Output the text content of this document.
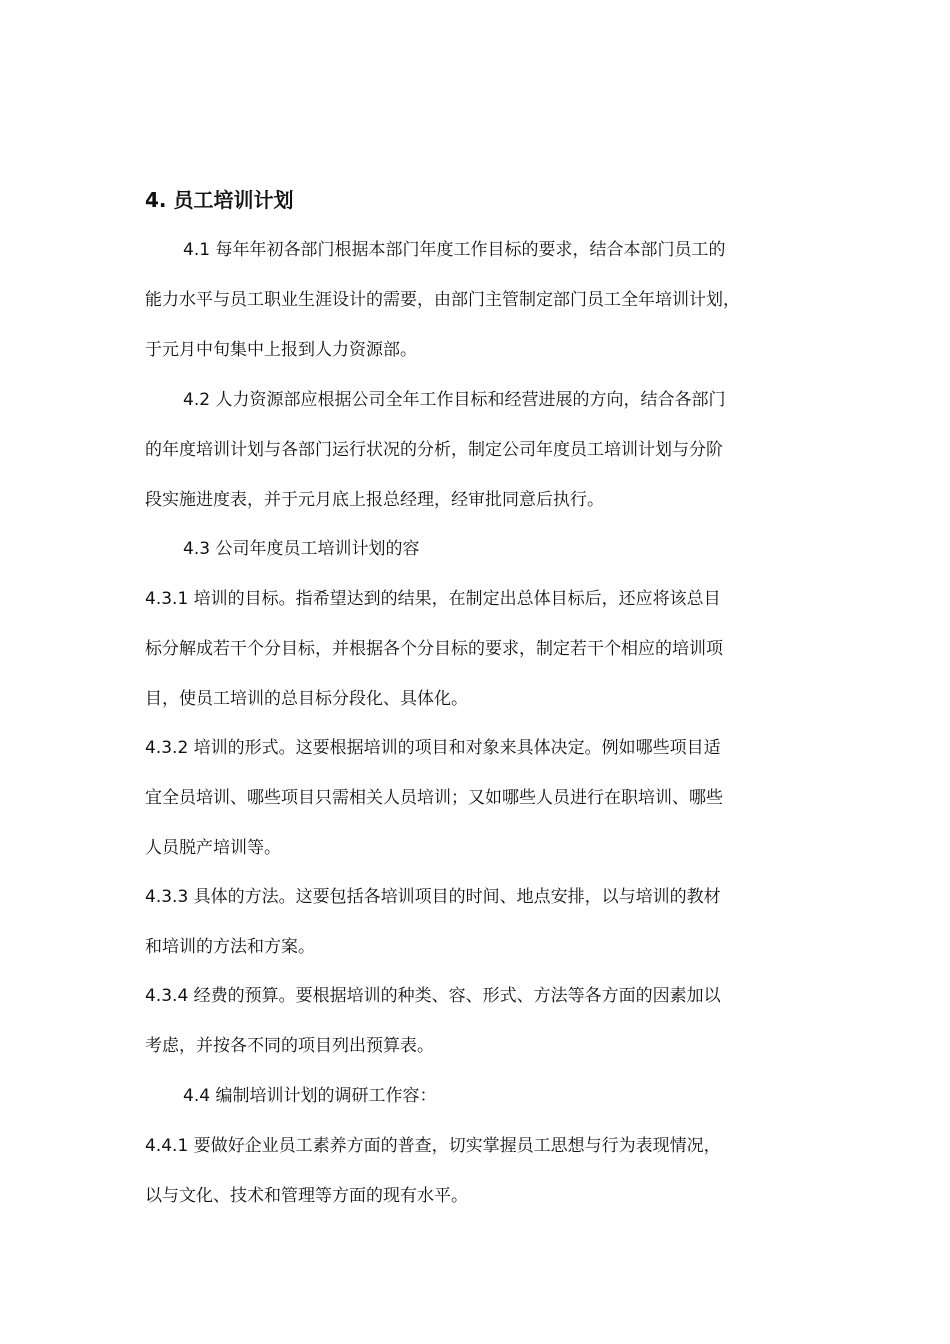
4. 员工培训计划
4.1 每年年初各部门根据本部门年度工作目标的要求，结合本部门员工的
能力水平与员工职业生涯设计的需要，由部门主管制定部门员工全年培训计划，
于元月中旬集中上报到人力资源部。
4.2 人力资源部应根据公司全年工作目标和经营进展的方向，结合各部门
的年度培训计划与各部门运行状况的分析，制定公司年度员工培训计划与分阶
段实施进度表，并于元月底上报总经理，经审批同意后执行。
4.3 公司年度员工培训计划的容
4.3.1 培训的目标。指希望达到的结果，在制定出总体目标后，还应将该总目
标分解成若干个分目标，并根据各个分目标的要求，制定若干个相应的培训项
目，使员工培训的总目标分段化、具体化。
4.3.2 培训的形式。这要根据培训的项目和对象来具体决定。例如哪些项目适
宜全员培训、哪些项目只需相关人员培训；又如哪些人员进行在职培训、哪些
人员脱产培训等。
4.3.3 具体的方法。这要包括各培训项目的时间、地点安排，以与培训的教材
和培训的方法和方案。
4.3.4 经费的预算。要根据培训的种类、容、形式、方法等各方面的因素加以
考虑，并按各不同的项目列出预算表。
4.4 编制培训计划的调研工作容：
4.4.1 要做好企业员工素养方面的普查，切实掌握员工思想与行为表现情况，
以与文化、技术和管理等方面的现有水平。
